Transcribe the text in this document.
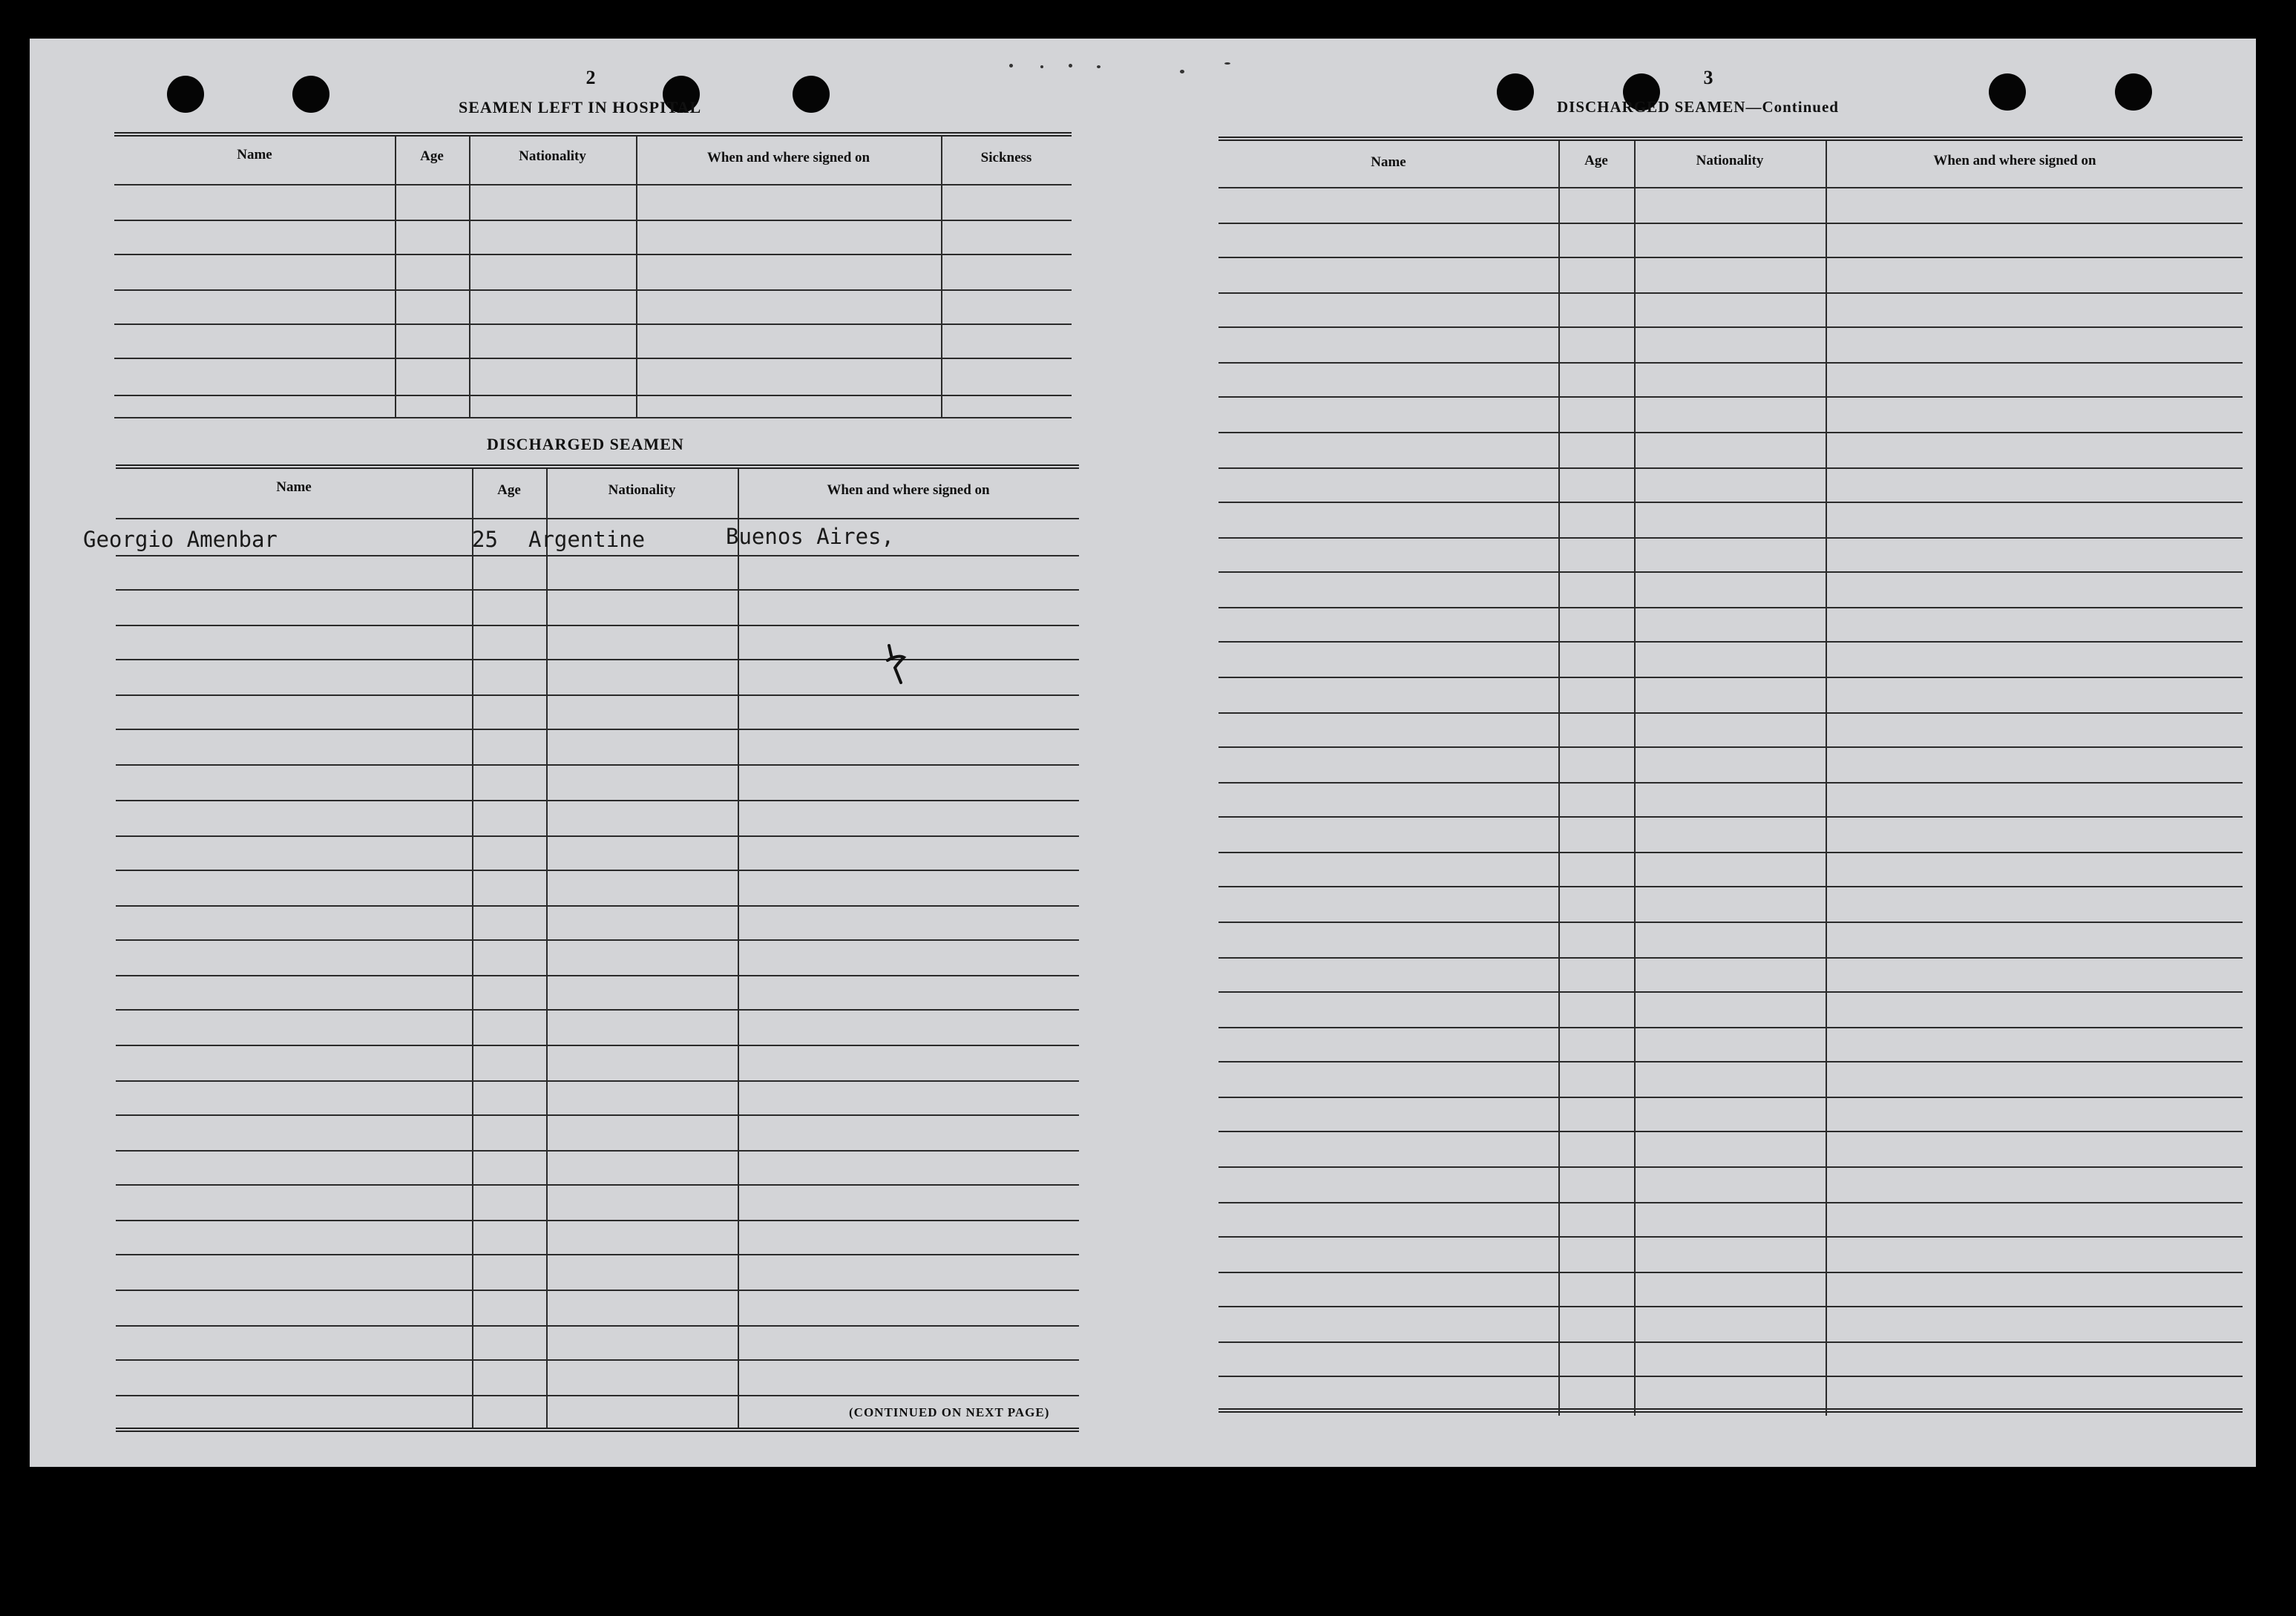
2
SEAMEN LEFT IN HOSPITAL
Name	Age	Nationality	When and where signed on	Sickness
DISCHARGED SEAMEN
Name	Age	Nationality	When and where signed on
Georgio Amenbar	25 Argentine	Buenos Aires,
(CONTINUED ON NEXT PAGE)
3
DISCHARGED SEAMEN—Continued
Name	Age	Nationality	When and where signed on
